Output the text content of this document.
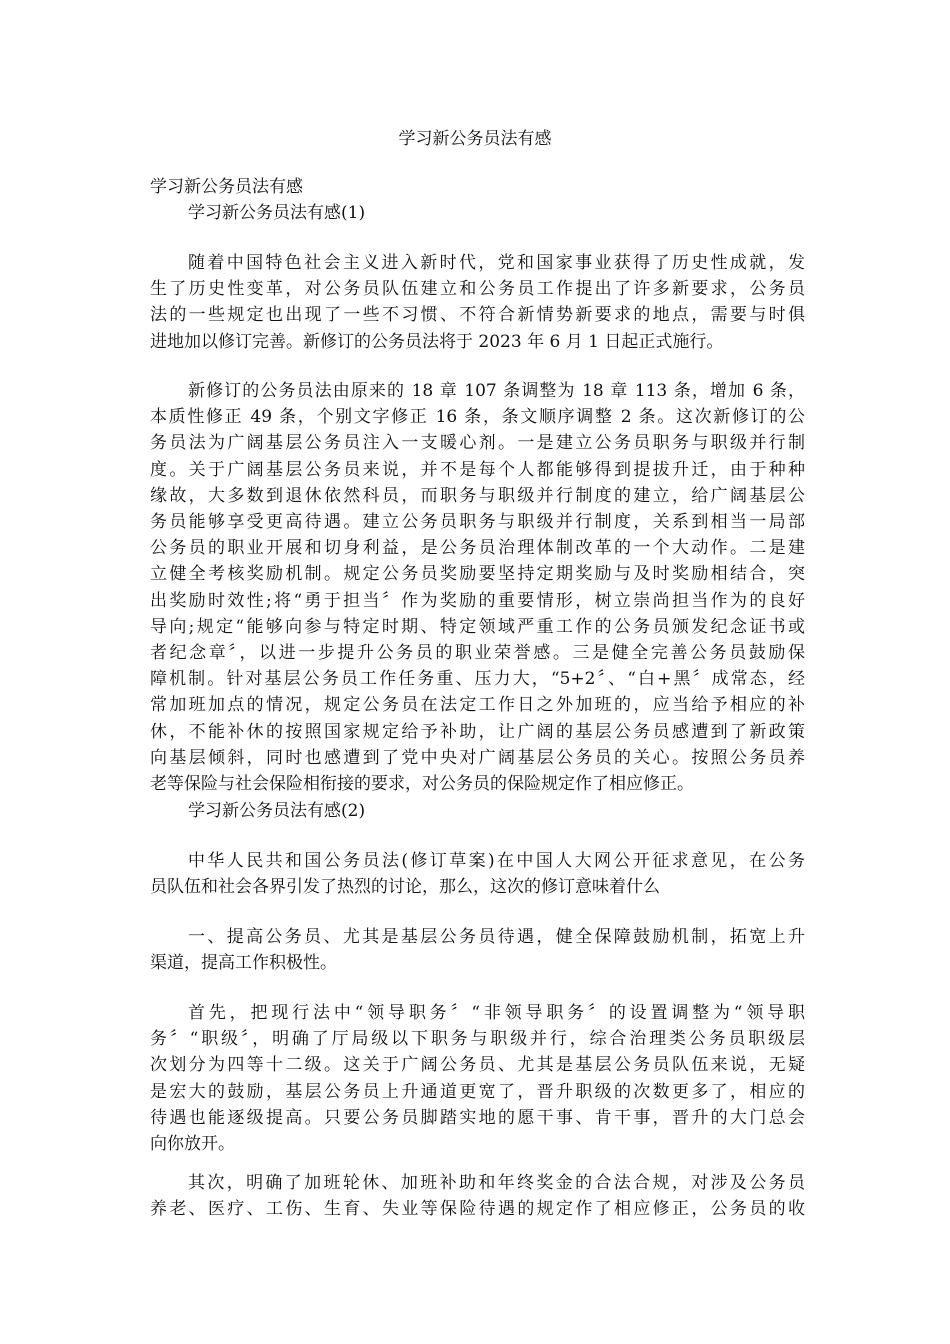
学习新公务员法有感
学习新公务员法有感
学习新公务员法有感(1)
随着中国特色社会主义进入新时代，党和国家事业获得了历史性成就，发
生了历史性变革，对公务员队伍建立和公务员工作提出了许多新要求，公务员
法的一些规定也出现了一些不习惯、不符合新情势新要求的地点，需要与时俱
进地加以修订完善。新修订的公务员法将于 2023 年 6 月 1 日起正式施行。
新修订的公务员法由原来的 18 章 107 条调整为 18 章 113 条，增加 6 条，
本质性修正 49 条，个别文字修正 16 条，条文顺序调整 2 条。这次新修订的公
务员法为广阔基层公务员注入一支暖心剂。一是建立公务员职务与职级并行制
度。关于广阔基层公务员来说，并不是每个人都能够得到提拔升迁，由于种种
缘故，大多数到退休依然科员，而职务与职级并行制度的建立，给广阔基层公
务员能够享受更高待遇。建立公务员职务与职级并行制度，关系到相当一局部
公务员的职业开展和切身利益，是公务员治理体制改革的一个大动作。二是建
立健全考核奖励机制。规定公务员奖励要坚持定期奖励与及时奖励相结合，突
出奖励时效性;将“勇于担当〞作为奖励的重要情形，树立崇尚担当作为的良好
导向;规定“能够向参与特定时期、特定领域严重工作的公务员颁发纪念证书或
者纪念章〞，以进一步提升公务员的职业荣誉感。三是健全完善公务员鼓励保
障机制。针对基层公务员工作任务重、压力大，“5+2〞、“白+黑〞成常态，经
常加班加点的情况，规定公务员在法定工作日之外加班的，应当给予相应的补
休，不能补休的按照国家规定给予补助，让广阔的基层公务员感遭到了新政策
向基层倾斜，同时也感遭到了党中央对广阔基层公务员的关心。按照公务员养
老等保险与社会保险相衔接的要求，对公务员的保险规定作了相应修正。
学习新公务员法有感(2)
中华人民共和国公务员法(修订草案)在中国人大网公开征求意见，在公务
员队伍和社会各界引发了热烈的讨论，那么，这次的修订意味着什么
一、提高公务员、尤其是基层公务员待遇，健全保障鼓励机制，拓宽上升
渠道，提高工作积极性。
首先，把现行法中“领导职务〞“非领导职务〞的设置调整为“领导职
务〞“职级〞，明确了厅局级以下职务与职级并行，综合治理类公务员职级层
次划分为四等十二级。这关于广阔公务员、尤其是基层公务员队伍来说，无疑
是宏大的鼓励，基层公务员上升通道更宽了，晋升职级的次数更多了，相应的
待遇也能逐级提高。只要公务员脚踏实地的愿干事、肯干事，晋升的大门总会
向你放开。
其次，明确了加班轮休、加班补助和年终奖金的合法合规，对涉及公务员
养老、医疗、工伤、生育、失业等保险待遇的规定作了相应修正，公务员的收
